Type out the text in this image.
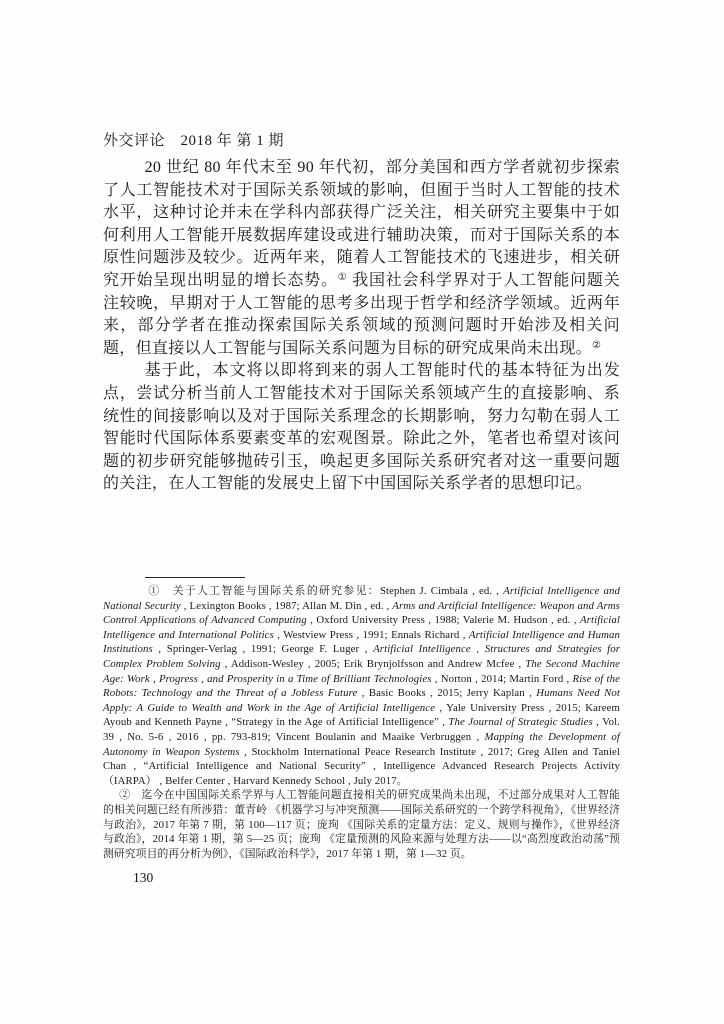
外交评论　2018 年 第 1 期

20 世纪 80 年代末至 90 年代初，部分美国和西方学者就初步探索了人工智能技术对于国际关系领域的影响，但囿于当时人工智能的技术水平，这种讨论并未在学科内部获得广泛关注，相关研究主要集中于如何利用人工智能开展数据库建设或进行辅助决策，而对于国际关系的本原性问题涉及较少。近两年来，随着人工智能技术的飞速进步，相关研究开始呈现出明显的增长态势。① 我国社会科学界对于人工智能问题关注较晚，早期对于人工智能的思考多出现于哲学和经济学领域。近两年来，部分学者在推动探索国际关系领域的预测问题时开始涉及相关问题，但直接以人工智能与国际关系问题为目标的研究成果尚未出现。②

基于此，本文将以即将到来的弱人工智能时代的基本特征为出发点，尝试分析当前人工智能技术对于国际关系领域产生的直接影响、系统性的间接影响以及对于国际关系理念的长期影响，努力勾勒在弱人工智能时代国际体系要素变革的宏观图景。除此之外，笔者也希望对该问题的初步研究能够抛砖引玉，唤起更多国际关系研究者对这一重要问题的关注，在人工智能的发展史上留下中国国际关系学者的思想印记。

①　关于人工智能与国际关系的研究参见：Stephen J. Cimbala , ed. , Artificial Intelligence and National Security , Lexington Books , 1987; Allan M. Din , ed. , Arms and Artificial Intelligence: Weapon and Arms Control Applications of Advanced Computing , Oxford University Press , 1988; Valerie M. Hudson , ed. , Artificial Intelligence and International Politics , Westview Press , 1991; Ennals Richard , Artificial Intelligence and Human Institutions , Springer-Verlag , 1991; George F. Luger , Artificial Intelligence , Structures and Strategies for Complex Problem Solving , Addison-Wesley , 2005; Erik Brynjolfsson and Andrew Mcfee , The Second Machine Age: Work , Progress , and Prosperity in a Time of Brilliant Technologies , Norton , 2014; Martin Ford , Rise of the Robots: Technology and the Threat of a Jobless Future , Basic Books , 2015; Jerry Kaplan , Humans Need Not Apply: A Guide to Wealth and Work in the Age of Artificial Intelligence , Yale University Press , 2015; Kareem Ayoub and Kenneth Payne , “Strategy in the Age of Artificial Intelligence” , The Journal of Strategic Studies , Vol. 39 , No. 5-6 , 2016 , pp. 793-819; Vincent Boulanin and Maaike Verbruggen , Mapping the Development of Autonomy in Weapon Systems , Stockholm International Peace Research Institute , 2017; Greg Allen and Taniel Chan , “Artificial Intelligence and National Security” , Intelligence Advanced Research Projects Activity （IARPA） , Belfer Center , Harvard Kennedy School , July 2017。

②　迄今在中国国际关系学界与人工智能问题直接相关的研究成果尚未出现，不过部分成果对人工智能的相关问题已经有所涉猎：董青岭 《机器学习与冲突预测——国际关系研究的一个跨学科视角》，《世界经济与政治》，2017 年第 7 期，第 100—117 页；庞珣 《国际关系的定量方法：定义、规则与操作》，《世界经济与政治》，2014 年第 1 期，第 5—25 页；庞珣 《定量预测的风险来源与处理方法——以“高烈度政治动荡”预测研究项目的再分析为例》，《国际政治科学》，2017 年第 1 期，第 1—32 页。

130
